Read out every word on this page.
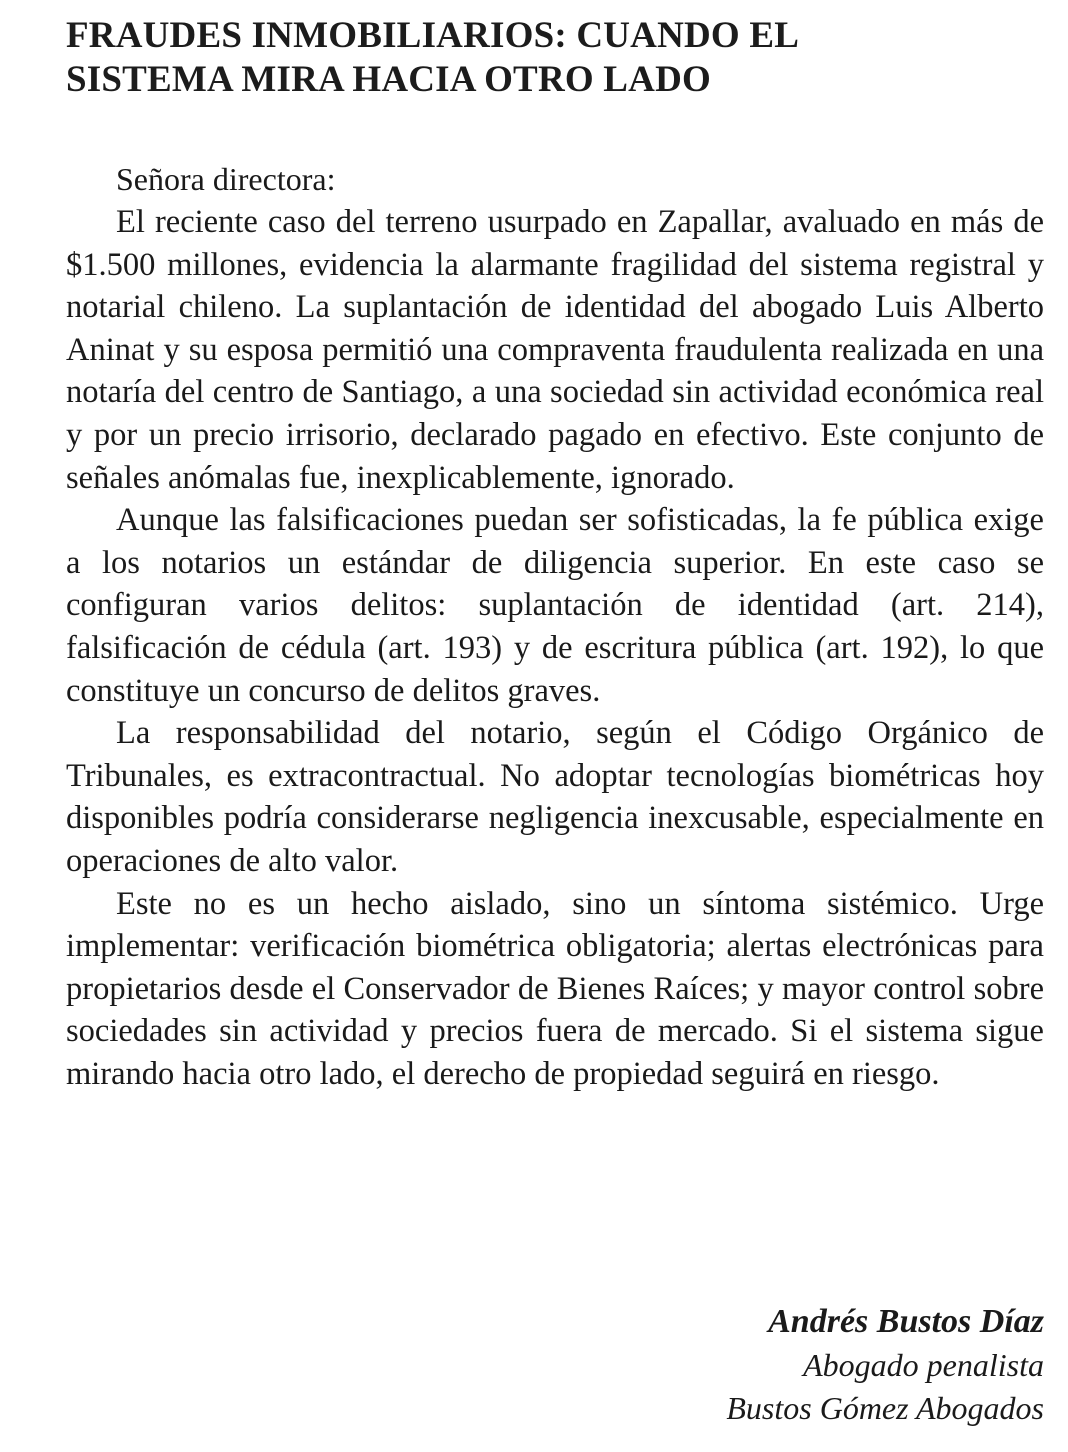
FRAUDES INMOBILIARIOS: CUANDO EL SISTEMA MIRA HACIA OTRO LADO

Señora directora:

El reciente caso del terreno usurpado en Zapallar, avaluado en más de $1.500 millones, evidencia la alarmante fragilidad del sistema registral y notarial chileno. La suplantación de identidad del abogado Luis Alberto Aninat y su esposa permitió una compraventa fraudulenta realizada en una notaría del centro de Santiago, a una sociedad sin actividad económica real y por un precio irrisorio, declarado pagado en efectivo. Este conjunto de señales anómalas fue, inexplicablemente, ignorado.

Aunque las falsificaciones puedan ser sofisticadas, la fe pública exige a los notarios un estándar de diligencia superior. En este caso se configuran varios delitos: suplantación de identidad (art. 214), falsificación de cédula (art. 193) y de escritura pública (art. 192), lo que constituye un concurso de delitos graves.

La responsabilidad del notario, según el Código Orgánico de Tribunales, es extracontractual. No adoptar tecnologías biométricas hoy disponibles podría considerarse negligencia inexcusable, especialmente en operaciones de alto valor.

Este no es un hecho aislado, sino un síntoma sistémico. Urge implementar: verificación biométrica obligatoria; alertas electrónicas para propietarios desde el Conservador de Bienes Raíces; y mayor control sobre sociedades sin actividad y precios fuera de mercado. Si el sistema sigue mirando hacia otro lado, el derecho de propiedad seguirá en riesgo.

Andrés Bustos Díaz
Abogado penalista
Bustos Gómez Abogados
